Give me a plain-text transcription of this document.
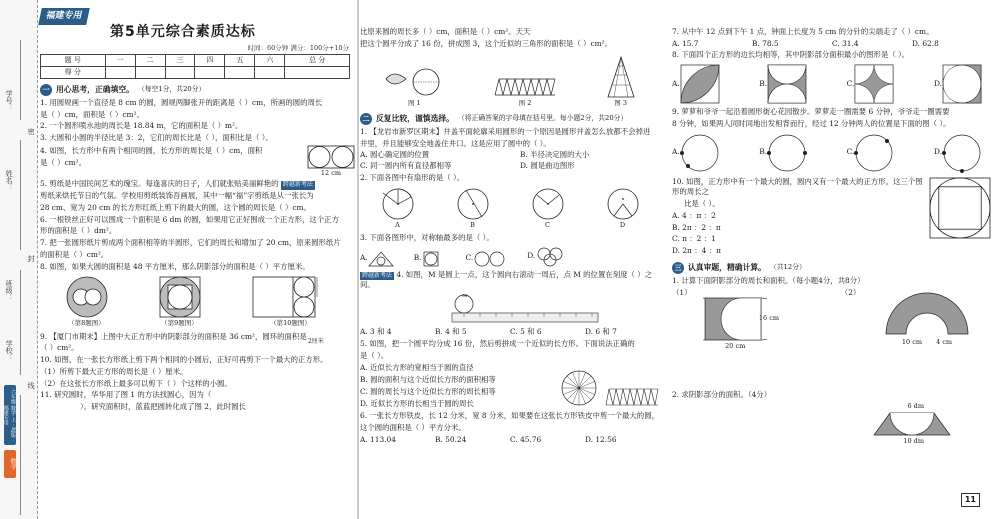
学号：
姓名：
班级：
学校：
密
封
线
六年级 数学 上 · RJ版 · 福建专用
数学
福建专用
第5单元综合素质达标
时间：60分钟 满分：100分+10分
题 号	一	二	三	四	五	六	总 分
得 分							
一 用心思考，正确填空。 （每空1分，共20分）
1. 用圆规画一个直径是 8 cm 的圆，圆规两脚张开的距离是（ ）cm，所画的圆的周长
是（ ）cm，面积是（ ）cm²。
2. 一个圆形喷水池的周长是 18.84 m，它的面积是（ ）m²。
3. 大圆和小圆的半径比是 3：2，它们的周长比是（ ），面积比是（ ）。
4. 如图，长方形中有两个相同的圆，长方形的周长是（ ）cm，面积
是（ ）cm²。
12 cm
5. 剪纸是中国民间艺术的瑰宝。每逢喜庆的日子，人们就张贴美丽鲜艳的 跨越新考法
剪纸来烘托节日的气氛。学校用剪纸装饰吾画展，其中一幅“福”字剪纸是从一张长为
28 cm、宽为 20 cm 的长方形红纸上剪下的最大的圆，这个圆的周长是（ ）cm。
6. 一根铁丝正好可以围成一个面积是 6 dm 的圆，如果用它正好围成一个正方形，这个正方
形的面积是（ ）dm²。
7. 把一张圆形纸片剪成两个面积相等的半圆形，它们的周长和增加了 20 cm，原来圆形纸片
的面积是（ ）cm²。
8. 如图，如果大圆的面积是 48 平方厘米，那么阴影部分的面积是（ ）平方厘米。
（第8题图）	（第9题图）	（第10题图）
2厘米
9. 【厦门市期末】上图中大正方形中的阴影部分的面积是 36 cm²，圆环的面积是
（ ）cm²。
10. 如图，在一张长方形纸上剪下两个相同的小圆后，正好可再剪下一个最大的正方形。
（1）所剪下最大正方形的周长是（ ）厘米。
（2）在这张长方形纸上最多可以剪下（ ）个这样的小圆。
11. 研究圆时，华华用了图 1 的方法找圆心，因为（
）。研究面积时，蓝蓝把圆转化成了图 2，此时圆长
比原来圆的周长多（ ）cm，面积是（ ）cm²。天天
把这个圆平分成了 16 份，拼成图 3，这个近似的三角形的面积是（ ）cm²。
图 1	图 2	图 3
二 反复比较，谨慎选择。 （将正确答案的字母填在括号里。每小题2分，共20分）
1. 【龙岩市新罗区期末】井盖平面轮廓采用圆形的一个原因是圆形井盖怎么放都不会掉进
井里，并且能够安全地盖住井口。这是应用了圆中的（ ）。
A. 圆心确定圆的位置	B. 半径决定圆的大小
C. 同一圆内所有直径都相等	D. 圆是曲边图形
2. 下面各图中有扇形的是（ ）。
A	B	C	D
3. 下面各图形中，对称轴最多的是（ ）。
A.	B.	C.	D.
跨越新考法 4. 如图，M 是圆上一点，这个圆向右滚动一周后，点 M 的位置在刻度（ ）之间。
M
A. 3 和 4	B. 4 和 5	C. 5 和 6	D. 6 和 7
5. 如图，把一个圆平均分成 16 份，然后剪拼成一个近似的长方形。下面说法正确的
是（ ）。
A. 近似长方形的宽相当于圆的直径
B. 圆的面积与这个近似长方形的面积相等
C. 圆的周长与这个近似长方形的周长相等
D. 近似长方形的长相当于圆的周长
6. 一张长方形铁皮，长 12 分米，宽 8 分米，如果要在这张长方形铁皮中剪一个最大的圆，
这个圆的面积是（ ）平方分米。
A. 113.04	B. 50.24	C. 45.76	D. 12.56
7. 从中午 12 点到下午 1 点，钟面上长度为 5 cm 的分针的尖端走了（ ）cm。
A. 15.7	B. 78.5	C. 31.4	D. 62.8
8. 下面四个正方形的边长均相等，其中阴影部分面积最小的图形是（ ）。
A.	B.	C.	D.
9. 萝萝和爷爷一起沿着圆形街心花园散步。萝萝走一圈需要 6 分钟，爷爷走一圈需要
8 分钟，如果两人同时同地出发相背而行，经过 12 分钟两人的位置是下面的图（ ）。
A.	B.	C.	D.
10. 如图，正方形中有一个最大的圆，圆内又有一个最大的正方形。这三个图形的周长之
比是（ ）。
A. 4 ：π ：2
B. 2π ：2 ：π
C. π ：2 ：1
D. 2π ：4 ：π
三 认真审题，精确计算。 （共12分）
1. 计算下面阴影部分的周长和面积。（每小题4分，共8分）
（1）
20 cm
16 cm
（2）
10 cm 4 cm
2. 求阴影部分的面积。（4分）
6 dm
10 dm
11
